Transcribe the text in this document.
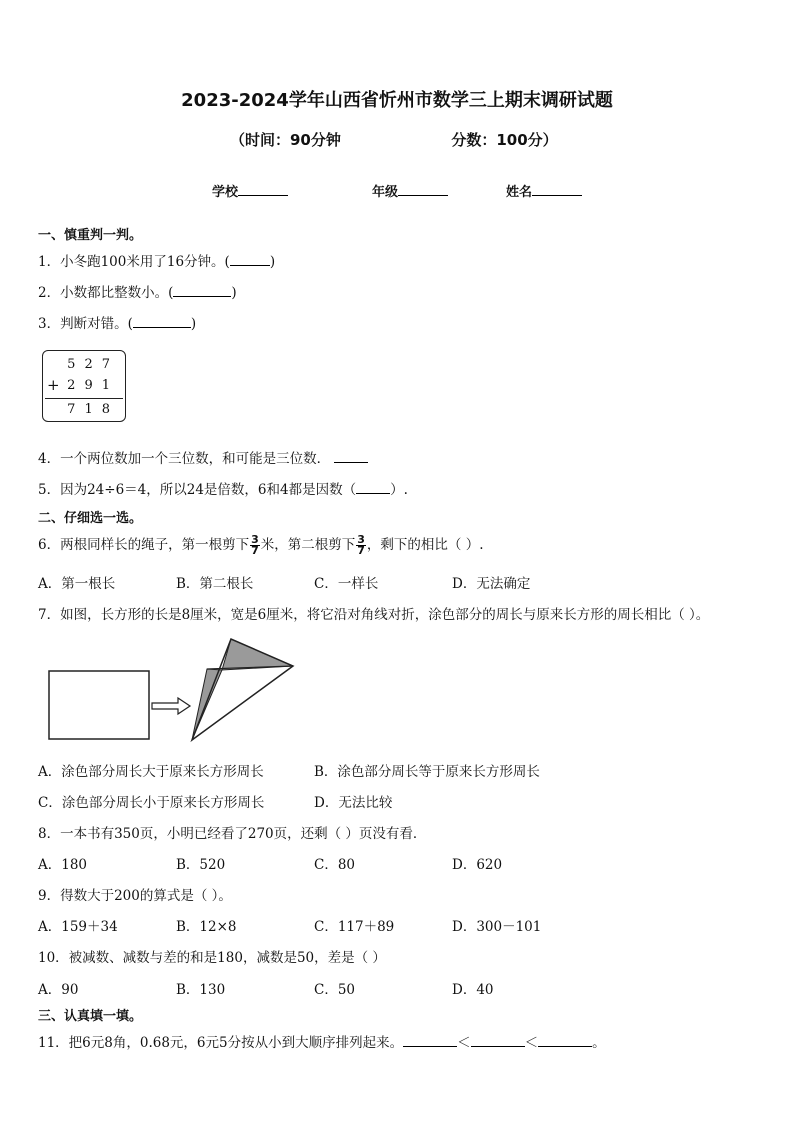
2023-2024学年山西省忻州市数学三上期末调研试题
（时间：90分钟	分数：100分）
学校	年级	姓名
一、慎重判一判。
1．小冬跑100米用了16分钟。(	)
2．小数都比整数小。(	)
3．判断对错。(	)
527
+ 291
718
4．一个两位数加一个三位数，和可能是三位数．
5．因为24÷6＝4，所以24是倍数，6和4都是因数（	）.
二、仔细选一选。
6．两根同样长的绳子，第一根剪下 $\frac{3}{7}$ 米，第二根剪下 $\frac{3}{7}$ ，剩下的相比（ ）.
A．第一根长	B．第二根长	C．一样长	D．无法确定
7．如图，长方形的长是8厘米，宽是6厘米，将它沿对角线对折，涂色部分的周长与原来长方形的周长相比（ ）。
A．涂色部分周长大于原来长方形周长	B．涂色部分周长等于原来长方形周长
C．涂色部分周长小于原来长方形周长	D．无法比较
8．一本书有350页，小明已经看了270页，还剩（ ）页没有看．
A．180	B．520	C．80	D．620
9．得数大于200的算式是（ ）。
A．159＋34	B．12×8	C．117＋89	D．300－101
10．被减数、减数与差的和是180，减数是50，差是（ ）
A．90	B．130	C．50	D．40
三、认真填一填。
11．把6元8角，0.68元，6元5分按从小到大顺序排列起来。	＜	＜	。
